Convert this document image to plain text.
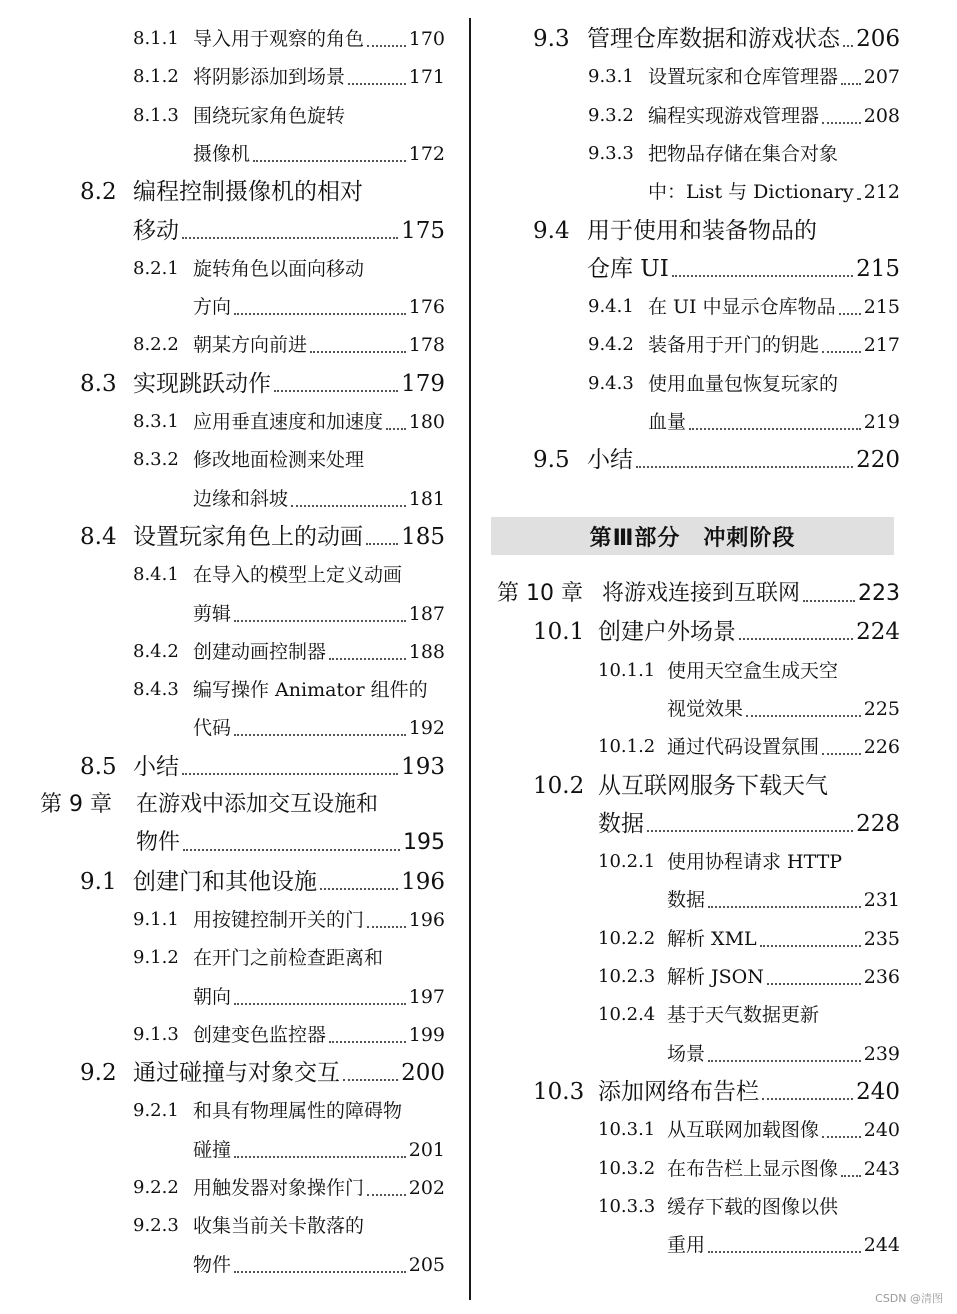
8.1.1 导入用于观察的角色 170
8.1.2 将阴影添加到场景	171
8.1.3 围绕玩家角色旋转
摄像机	172
8.2 编程控制摄像机的相对
移动	175
8.2.1 旋转角色以面向移动
方向	176
8.2.2 朝某方向前进	178
8.3 实现跳跃动作	179
8.3.1 应用垂直速度和加速度 180
8.3.2 修改地面检测来处理
边缘和斜坡	181
8.4 设置玩家角色上的动画 185
8.4.1 在导入的模型上定义动画
剪辑	187
8.4.2 创建动画控制器	188
8.4.3 编写操作 Animator 组件的
代码	192
8.5 小结	193
第 9 章 在游戏中添加交互设施和
物件	195
9.1 创建门和其他设施	196
9.1.1 用按键控制开关的门 196
9.1.2 在开门之前检查距离和
朝向	197
9.1.3 创建变色监控器	199
9.2 通过碰撞与对象交互	200
9.2.1 和具有物理属性的障碍物
碰撞	201
9.2.2 用触发器对象操作门 202
9.2.3 收集当前关卡散落的
物件	205
9.3 管理仓库数据和游戏状态 206
9.3.1 设置玩家和仓库管理器 207
9.3.2 编程实现游戏管理器 208
9.3.3 把物品存储在集合对象
中：List 与 Dictionary 212
9.4 用于使用和装备物品的
仓库 UI	215
9.4.1 在 UI 中显示仓库物品 215
9.4.2 装备用于开门的钥匙 217
9.4.3 使用血量包恢复玩家的
血量	219
9.5 小结	220
第 10 章 将游戏连接到互联网	223
10.1 创建户外场景	224
10.1.1 使用天空盒生成天空
视觉效果	225
10.1.2 通过代码设置氛围 226
10.2 从互联网服务下载天气
数据	228
10.2.1 使用协程请求 HTTP
数据	231
10.2.2 解析 XML	235
10.2.3 解析 JSON	236
10.2.4 基于天气数据更新
场景	239
10.3 添加网络布告栏	240
10.3.1 从互联网加载图像 240
10.3.2 在布告栏上显示图像 243
10.3.3 缓存下载的图像以供
重用	244
第Ⅲ部分　冲刺阶段
CSDN @清图
